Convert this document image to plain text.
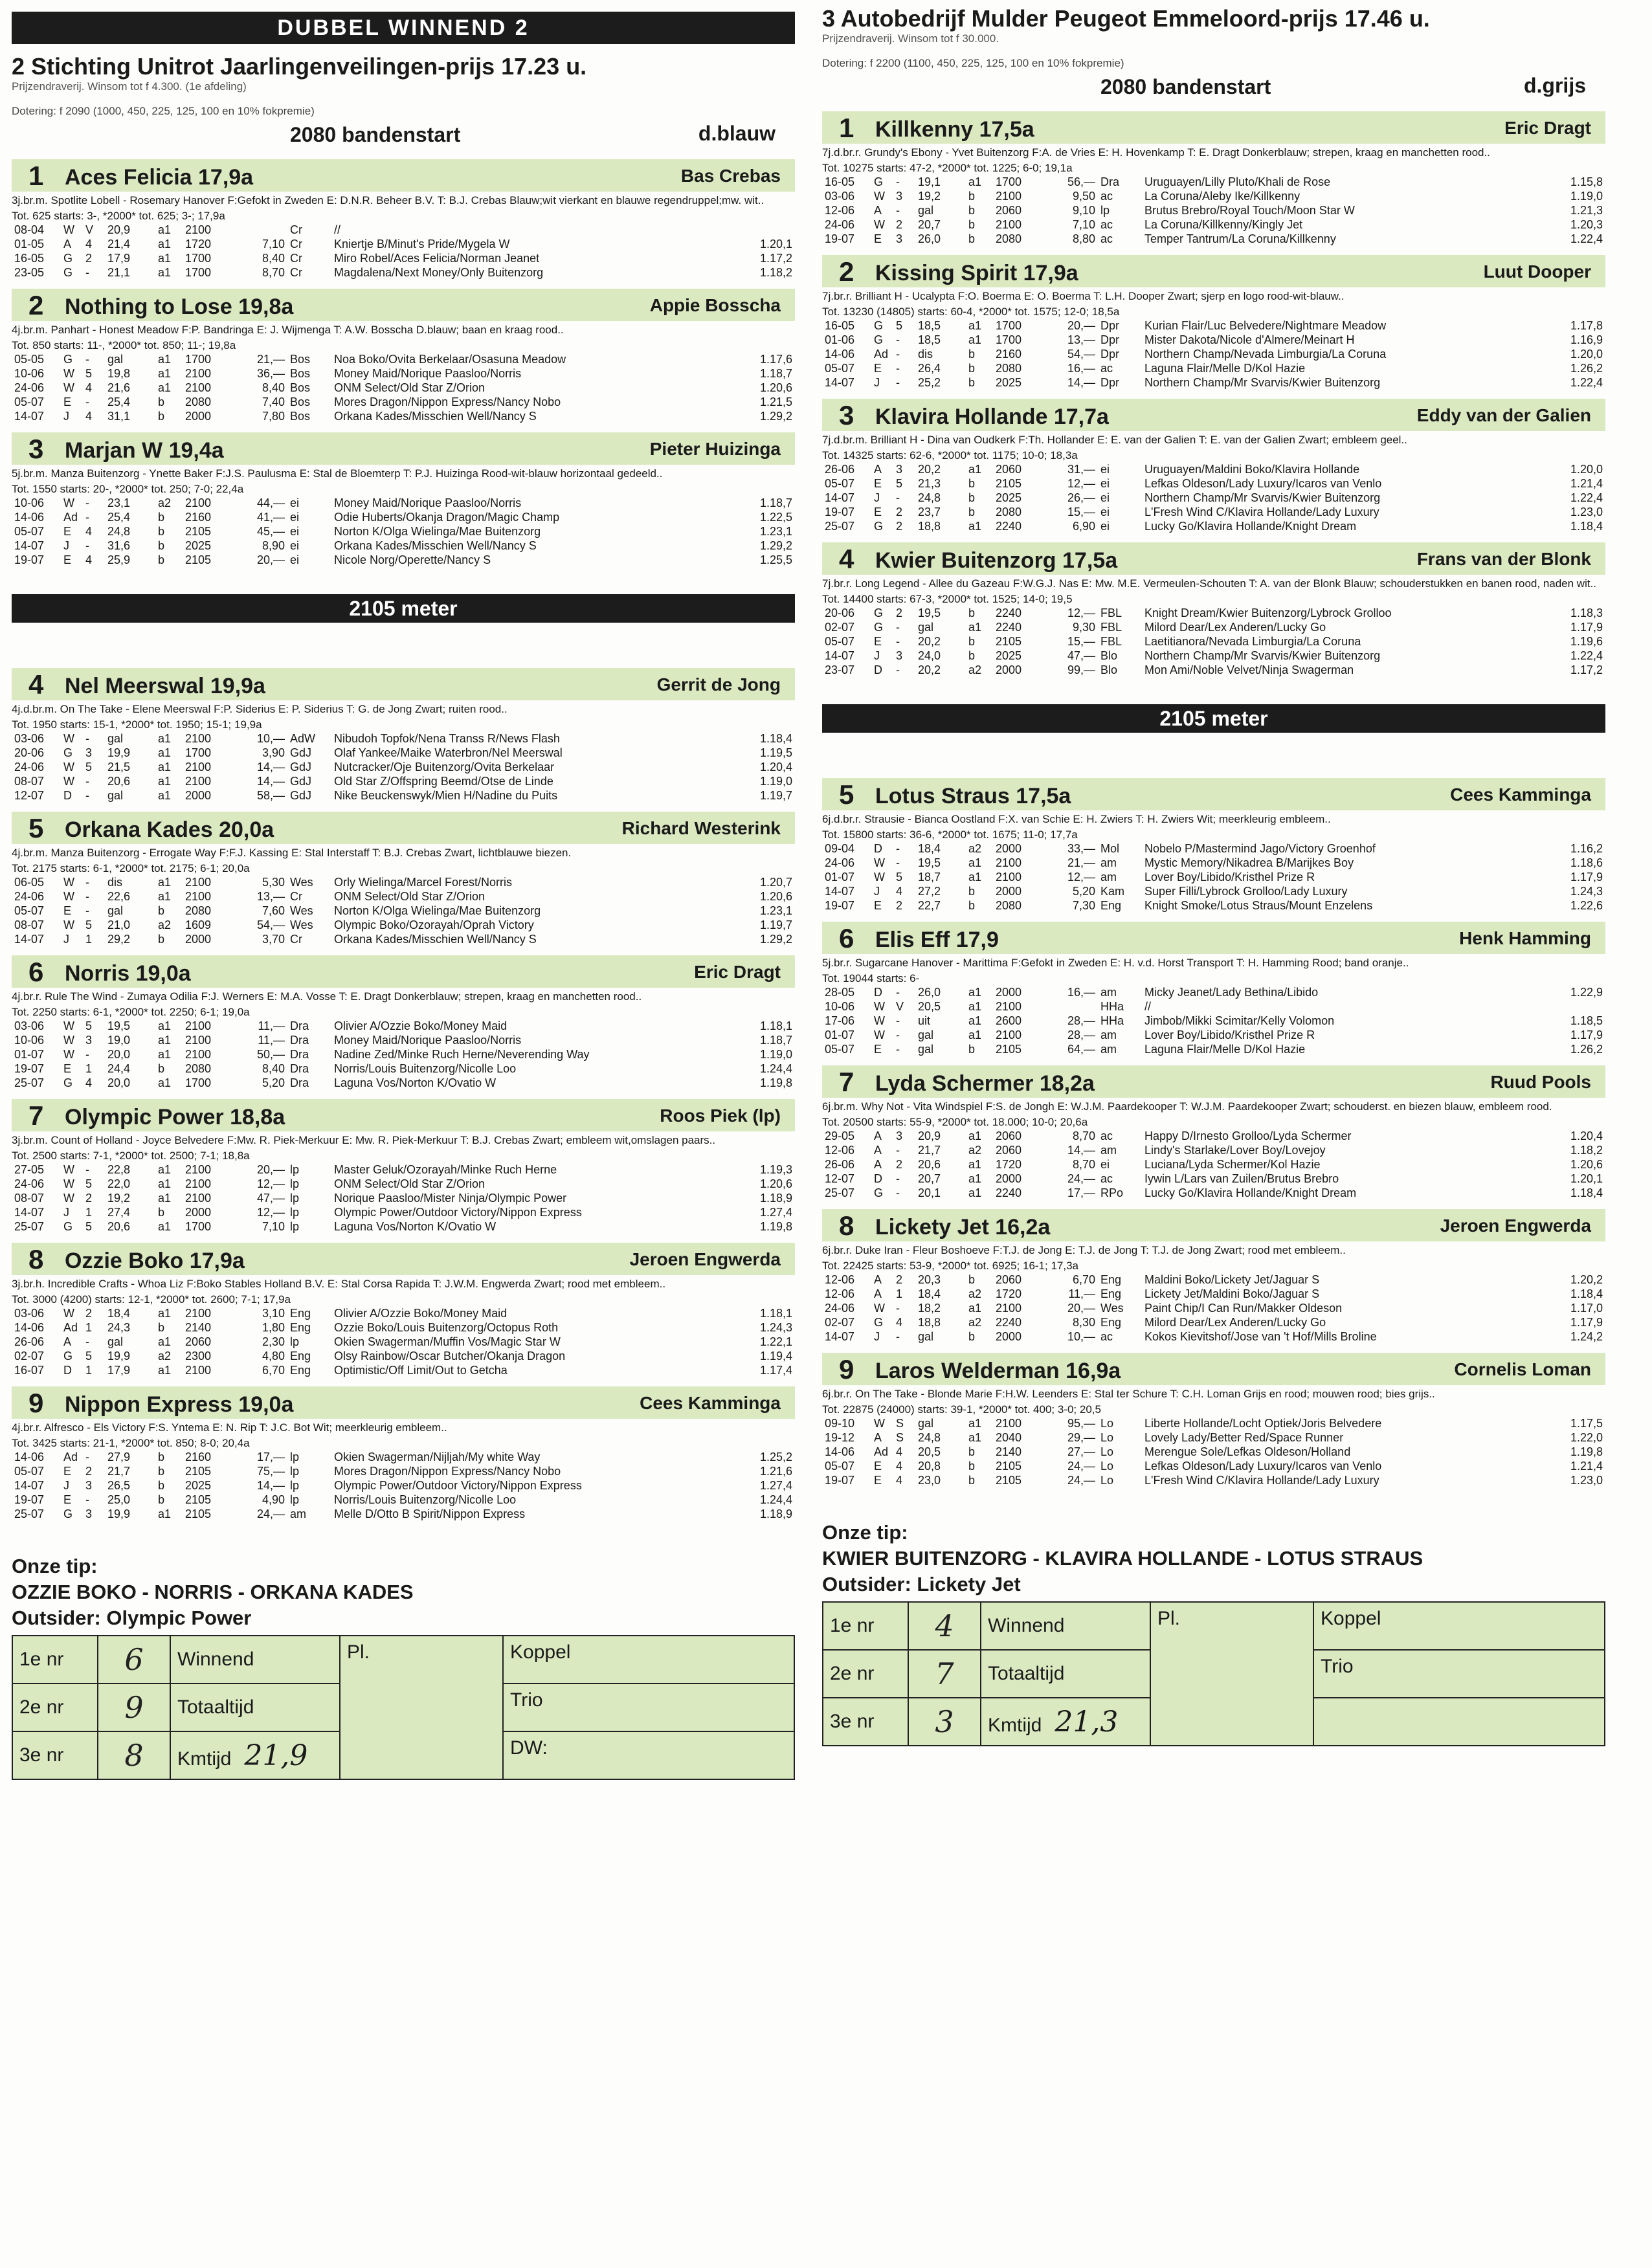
DUBBEL WINNEND 2
2 Stichting Unitrot Jaarlingenveilingen-prijs 17.23 u.
Prijzendraverij. Winsom tot f 4.300. (1e afdeling)
Dotering: f 2090 (1000, 450, 225, 125, 100 en 10% fokpremie)
2080 bandenstart	d.blauw
1 Aces Felicia 17,9a	Bas Crebas
3j.br.m. Spotlite Lobell - Rosemary Hanover F:Gefokt in Zweden E: D.N.R. Beheer B.V. T: B.J. Crebas Blauw;wit vierkant en blauwe regendruppel;mw. wit..
Tot. 625 starts: 3-, *2000* tot. 625; 3-; 17,9a
08-04	W	V	20,9	a1	2100		Cr	//	
01-05	A	4	21,4	a1	1720	7,10	Cr	Kniertje B/Minut's Pride/Mygela W	1.20,1
16-05	G	2	17,9	a1	1700	8,40	Cr	Miro Robel/Aces Felicia/Norman Jeanet	1.17,2
23-05	G	-	21,1	a1	1700	8,70	Cr	Magdalena/Next Money/Only Buitenzorg	1.18,2
2 Nothing to Lose 19,8a	Appie Bosscha
4j.br.m. Panhart - Honest Meadow F:P. Bandringa E: J. Wijmenga T: A.W. Bosscha D.blauw; baan en kraag rood..
Tot. 850 starts: 11-, *2000* tot. 850; 11-; 19,8a
05-05	G	-	gal	a1	1700	21,—	Bos	Noa Boko/Ovita Berkelaar/Osasuna Meadow	1.17,6
10-06	W	5	19,8	a1	2100	36,—	Bos	Money Maid/Norique Paasloo/Norris	1.18,7
24-06	W	4	21,6	a1	2100	8,40	Bos	ONM Select/Old Star Z/Orion	1.20,6
05-07	E	-	25,4	b	2080	7,40	Bos	Mores Dragon/Nippon Express/Nancy Nobo	1.21,5
14-07	J	4	31,1	b	2000	7,80	Bos	Orkana Kades/Misschien Well/Nancy S	1.29,2
3 Marjan W 19,4a	Pieter Huizinga
5j.br.m. Manza Buitenzorg - Ynette Baker F:J.S. Paulusma E: Stal de Bloemterp T: P.J. Huizinga Rood-wit-blauw horizontaal gedeeld..
Tot. 1550 starts: 20-, *2000* tot. 250; 7-0; 22,4a
10-06	W	-	23,1	a2	2100	44,—	ei	Money Maid/Norique Paasloo/Norris	1.18,7
14-06	Ad	-	25,4	b	2160	41,—	ei	Odie Huberts/Okanja Dragon/Magic Champ	1.22,5
05-07	E	4	24,8	b	2105	45,—	ei	Norton K/Olga Wielinga/Mae Buitenzorg	1.23,1
14-07	J	-	31,6	b	2025	8,90	ei	Orkana Kades/Misschien Well/Nancy S	1.29,2
19-07	E	4	25,9	b	2105	20,—	ei	Nicole Norg/Operette/Nancy S	1.25,5
2105 meter
4 Nel Meerswal 19,9a	Gerrit de Jong
4j.d.br.m. On The Take - Elene Meerswal F:P. Siderius E: P. Siderius T: G. de Jong Zwart; ruiten rood..
Tot. 1950 starts: 15-1, *2000* tot. 1950; 15-1; 19,9a
03-06	W	-	gal	a1	2100	10,—	AdW	Nibudoh Topfok/Nena Transs R/News Flash	1.18,4
20-06	G	3	19,9	a1	1700	3,90	GdJ	Olaf Yankee/Maike Waterbron/Nel Meerswal	1.19,5
24-06	W	5	21,5	a1	2100	14,—	GdJ	Nutcracker/Oje Buitenzorg/Ovita Berkelaar	1.20,4
08-07	W	-	20,6	a1	2100	14,—	GdJ	Old Star Z/Offspring Beemd/Otse de Linde	1.19,0
12-07	D	-	gal	a1	2000	58,—	GdJ	Nike Beuckenswyk/Mien H/Nadine du Puits	1.19,7
5 Orkana Kades 20,0a	Richard Westerink
4j.br.m. Manza Buitenzorg - Errogate Way F:F.J. Kassing E: Stal Interstaff T: B.J. Crebas Zwart, lichtblauwe biezen.
Tot. 2175 starts: 6-1, *2000* tot. 2175; 6-1; 20,0a
06-05	W	-	dis	a1	2100	5,30	Wes	Orly Wielinga/Marcel Forest/Norris	1.20,7
24-06	W	-	22,6	a1	2100	13,—	Cr	ONM Select/Old Star Z/Orion	1.20,6
05-07	E	-	gal	b	2080	7,60	Wes	Norton K/Olga Wielinga/Mae Buitenzorg	1.23,1
08-07	W	5	21,0	a2	1609	54,—	Wes	Olympic Boko/Ozorayah/Oprah Victory	1.19,7
14-07	J	1	29,2	b	2000	3,70	Cr	Orkana Kades/Misschien Well/Nancy S	1.29,2
6 Norris 19,0a	Eric Dragt
4j.br.r. Rule The Wind - Zumaya Odilia F:J. Werners E: M.A. Vosse T: E. Dragt Donkerblauw; strepen, kraag en manchetten rood..
Tot. 2250 starts: 6-1, *2000* tot. 2250; 6-1; 19,0a
03-06	W	5	19,5	a1	2100	11,—	Dra	Olivier A/Ozzie Boko/Money Maid	1.18,1
10-06	W	3	19,0	a1	2100	11,—	Dra	Money Maid/Norique Paasloo/Norris	1.18,7
01-07	W	-	20,0	a1	2100	50,—	Dra	Nadine Zed/Minke Ruch Herne/Neverending Way	1.19,0
19-07	E	1	24,4	b	2080	8,40	Dra	Norris/Louis Buitenzorg/Nicolle Loo	1.24,4
25-07	G	4	20,0	a1	1700	5,20	Dra	Laguna Vos/Norton K/Ovatio W	1.19,8
7 Olympic Power 18,8a	Roos Piek (lp)
3j.br.m. Count of Holland - Joyce Belvedere F:Mw. R. Piek-Merkuur E: Mw. R. Piek-Merkuur T: B.J. Crebas Zwart; embleem wit,omslagen paars..
Tot. 2500 starts: 7-1, *2000* tot. 2500; 7-1; 18,8a
27-05	W	-	22,8	a1	2100	20,—	lp	Master Geluk/Ozorayah/Minke Ruch Herne	1.19,3
24-06	W	5	22,0	a1	2100	12,—	lp	ONM Select/Old Star Z/Orion	1.20,6
08-07	W	2	19,2	a1	2100	47,—	lp	Norique Paasloo/Mister Ninja/Olympic Power	1.18,9
14-07	J	1	27,4	b	2000	12,—	lp	Olympic Power/Outdoor Victory/Nippon Express	1.27,4
25-07	G	5	20,6	a1	1700	7,10	lp	Laguna Vos/Norton K/Ovatio W	1.19,8
8 Ozzie Boko 17,9a	Jeroen Engwerda
3j.br.h. Incredible Crafts - Whoa Liz F:Boko Stables Holland B.V. E: Stal Corsa Rapida T: J.W.M. Engwerda Zwart; rood met embleem..
Tot. 3000 (4200) starts: 12-1, *2000* tot. 2600; 7-1; 17,9a
03-06	W	2	18,4	a1	2100	3,10	Eng	Olivier A/Ozzie Boko/Money Maid	1.18,1
14-06	Ad	1	24,3	b	2140	1,80	Eng	Ozzie Boko/Louis Buitenzorg/Octopus Roth	1.24,3
26-06	A	-	gal	a1	2060	2,30	lp	Okien Swagerman/Muffin Vos/Magic Star W	1.22,1
02-07	G	5	19,9	a2	2300	4,80	Eng	Olsy Rainbow/Oscar Butcher/Okanja Dragon	1.19,4
16-07	D	1	17,9	a1	2100	6,70	Eng	Optimistic/Off Limit/Out to Getcha	1.17,4
9 Nippon Express 19,0a	Cees Kamminga
4j.br.r. Alfresco - Els Victory F:S. Yntema E: N. Rip T: J.C. Bot Wit; meerkleurig embleem..
Tot. 3425 starts: 21-1, *2000* tot. 850; 8-0; 20,4a
14-06	Ad	-	27,9	b	2160	17,—	lp	Okien Swagerman/Nijljah/My white Way	1.25,2
05-07	E	2	21,7	b	2105	75,—	lp	Mores Dragon/Nippon Express/Nancy Nobo	1.21,6
14-07	J	3	26,5	b	2025	14,—	lp	Olympic Power/Outdoor Victory/Nippon Express	1.27,4
19-07	E	-	25,0	b	2105	4,90	lp	Norris/Louis Buitenzorg/Nicolle Loo	1.24,4
25-07	G	3	19,9	a1	2105	24,—	am	Melle D/Otto B Spirit/Nippon Express	1.18,9
Onze tip:
OZZIE BOKO - NORRIS - ORKANA KADES
Outsider: Olympic Power
1e nr	6	Winnend	Pl.	Koppel
2e nr	9	Totaaltijd		Trio
3e nr	8	Kmtijd 21,9		DW:
3 Autobedrijf Mulder Peugeot Emmeloord-prijs 17.46 u.
Prijzendraverij. Winsom tot f 30.000.
Dotering: f 2200 (1100, 450, 225, 125, 100 en 10% fokpremie)
2080 bandenstart	d.grijs
1 Killkenny 17,5a	Eric Dragt
7j.d.br.r. Grundy's Ebony - Yvet Buitenzorg F:A. de Vries E: H. Hovenkamp T: E. Dragt Donkerblauw; strepen, kraag en manchetten rood..
Tot. 10275 starts: 47-2, *2000* tot. 1225; 6-0; 19,1a
16-05	G	-	19,1	a1	1700	56,—	Dra	Uruguayen/Lilly Pluto/Khali de Rose	1.15,8
03-06	W	3	19,2	b	2100	9,50	ac	La Coruna/Aleby Ike/Killkenny	1.19,0
12-06	A	-	gal	b	2060	9,10	lp	Brutus Brebro/Royal Touch/Moon Star W	1.21,3
24-06	W	2	20,7	b	2100	7,10	ac	La Coruna/Killkenny/Kingly Jet	1.20,3
19-07	E	3	26,0	b	2080	8,80	ac	Temper Tantrum/La Coruna/Killkenny	1.22,4
2 Kissing Spirit 17,9a	Luut Dooper
7j.br.r. Brilliant H - Ucalypta F:O. Boerma E: O. Boerma T: L.H. Dooper Zwart; sjerp en logo rood-wit-blauw..
Tot. 13230 (14805) starts: 60-4, *2000* tot. 1575; 12-0; 18,5a
16-05	G	5	18,5	a1	1700	20,—	Dpr	Kurian Flair/Luc Belvedere/Nightmare Meadow	1.17,8
01-06	G	-	18,5	a1	1700	13,—	Dpr	Mister Dakota/Nicole d'Almere/Meinart H	1.16,9
14-06	Ad	-	dis	b	2160	54,—	Dpr	Northern Champ/Nevada Limburgia/La Coruna	1.20,0
05-07	E	-	26,4	b	2080	16,—	ac	Laguna Flair/Melle D/Kol Hazie	1.26,2
14-07	J	-	25,2	b	2025	14,—	Dpr	Northern Champ/Mr Svarvis/Kwier Buitenzorg	1.22,4
3 Klavira Hollande 17,7a	Eddy van der Galien
7j.d.br.m. Brilliant H - Dina van Oudkerk F:Th. Hollander E: E. van der Galien T: E. van der Galien Zwart; embleem geel..
Tot. 14325 starts: 62-6, *2000* tot. 1175; 10-0; 18,3a
26-06	A	3	20,2	a1	2060	31,—	ei	Uruguayen/Maldini Boko/Klavira Hollande	1.20,0
05-07	E	5	21,3	b	2105	12,—	ei	Lefkas Oldeson/Lady Luxury/Icaros van Venlo	1.21,4
14-07	J	-	24,8	b	2025	26,—	ei	Northern Champ/Mr Svarvis/Kwier Buitenzorg	1.22,4
19-07	E	2	23,7	b	2080	15,—	ei	L'Fresh Wind C/Klavira Hollande/Lady Luxury	1.23,0
25-07	G	2	18,8	a1	2240	6,90	ei	Lucky Go/Klavira Hollande/Knight Dream	1.18,4
4 Kwier Buitenzorg 17,5a	Frans van der Blonk
7j.br.r. Long Legend - Allee du Gazeau F:W.G.J. Nas E: Mw. M.E. Vermeulen-Schouten T: A. van der Blonk Blauw; schouderstukken en banen rood, naden wit..
Tot. 14400 starts: 67-3, *2000* tot. 1525; 14-0; 19,5
20-06	G	2	19,5	b	2240	12,—	FBL	Knight Dream/Kwier Buitenzorg/Lybrock Grolloo	1.18,3
02-07	G	-	gal	a1	2240	9,30	FBL	Milord Dear/Lex Anderen/Lucky Go	1.17,9
05-07	E	-	20,2	b	2105	15,—	FBL	Laetitianora/Nevada Limburgia/La Coruna	1.19,6
14-07	J	3	24,0	b	2025	47,—	Blo	Northern Champ/Mr Svarvis/Kwier Buitenzorg	1.22,4
23-07	D	-	20,2	a2	2000	99,—	Blo	Mon Ami/Noble Velvet/Ninja Swagerman	1.17,2
2105 meter
5 Lotus Straus 17,5a	Cees Kamminga
6j.d.br.r. Strausie - Bianca Oostland F:X. van Schie E: H. Zwiers T: H. Zwiers Wit; meerkleurig embleem..
Tot. 15800 starts: 36-6, *2000* tot. 1675; 11-0; 17,7a
09-04	D	-	18,4	a2	2000	33,—	Mol	Nobelo P/Mastermind Jago/Victory Groenhof	1.16,2
24-06	W	-	19,5	a1	2100	21,—	am	Mystic Memory/Nikadrea B/Marijkes Boy	1.18,6
01-07	W	5	18,7	a1	2100	12,—	am	Lover Boy/Libido/Kristhel Prize R	1.17,9
14-07	J	4	27,2	b	2000	5,20	Kam	Super Filli/Lybrock Grolloo/Lady Luxury	1.24,3
19-07	E	2	22,7	b	2080	7,30	Eng	Knight Smoke/Lotus Straus/Mount Enzelens	1.22,6
6 Elis Eff 17,9	Henk Hamming
5j.br.r. Sugarcane Hanover - Marittima F:Gefokt in Zweden E: H. v.d. Horst Transport T: H. Hamming Rood; band oranje..
Tot. 19044 starts: 6-
28-05	D	-	26,0	a1	2000	16,—	am	Micky Jeanet/Lady Bethina/Libido	1.22,9
10-06	W	V	20,5	a1	2100		HHa	//	
17-06	W	-	uit	a1	2600	28,—	HHa	Jimbob/Mikki Scimitar/Kelly Volomon	1.18,5
01-07	W	-	gal	a1	2100	28,—	am	Lover Boy/Libido/Kristhel Prize R	1.17,9
05-07	E	-	gal	b	2105	64,—	am	Laguna Flair/Melle D/Kol Hazie	1.26,2
7 Lyda Schermer 18,2a	Ruud Pools
6j.br.m. Why Not - Vita Windspiel F:S. de Jongh E: W.J.M. Paardekooper T: W.J.M. Paardekooper Zwart; schouderst. en biezen blauw, embleem rood.
Tot. 20500 starts: 55-9, *2000* tot. 18.000; 10-0; 20,6a
29-05	A	3	20,9	a1	2060	8,70	ac	Happy D/Irnesto Grolloo/Lyda Schermer	1.20,4
12-06	A	-	21,7	a2	2060	14,—	am	Lindy's Starlake/Lover Boy/Lovejoy	1.18,2
26-06	A	2	20,6	a1	1720	8,70	ei	Luciana/Lyda Schermer/Kol Hazie	1.20,6
12-07	D	-	20,7	a1	2000	24,—	ac	Iywin L/Lars van Zuilen/Brutus Brebro	1.20,1
25-07	G	-	20,1	a1	2240	17,—	RPo	Lucky Go/Klavira Hollande/Knight Dream	1.18,4
8 Lickety Jet 16,2a	Jeroen Engwerda
6j.br.r. Duke Iran - Fleur Boshoeve F:T.J. de Jong E: T.J. de Jong T: T.J. de Jong Zwart; rood met embleem..
Tot. 22425 starts: 53-9, *2000* tot. 6925; 16-1; 17,3a
12-06	A	2	20,3	b	2060	6,70	Eng	Maldini Boko/Lickety Jet/Jaguar S	1.20,2
12-06	A	1	18,4	a2	1720	11,—	Eng	Lickety Jet/Maldini Boko/Jaguar S	1.18,4
24-06	W	-	18,2	a1	2100	20,—	Wes	Paint Chip/I Can Run/Makker Oldeson	1.17,0
02-07	G	4	18,8	a2	2240	8,30	Eng	Milord Dear/Lex Anderen/Lucky Go	1.17,9
14-07	J	-	gal	b	2000	10,—	ac	Kokos Kievitshof/Jose van 't Hof/Mills Broline	1.24,2
9 Laros Welderman 16,9a	Cornelis Loman
6j.br.r. On The Take - Blonde Marie F:H.W. Leenders E: Stal ter Schure T: C.H. Loman Grijs en rood; mouwen rood; bies grijs..
Tot. 22875 (24000) starts: 39-1, *2000* tot. 400; 3-0; 20,5
09-10	W	S	gal	a1	2100	95,—	Lo	Liberte Hollande/Locht Optiek/Joris Belvedere	1.17,5
19-12	A	S	24,8	a1	2040	29,—	Lo	Lovely Lady/Better Red/Space Runner	1.22,0
14-06	Ad	4	20,5	b	2140	27,—	Lo	Merengue Sole/Lefkas Oldeson/Holland	1.19,8
05-07	E	4	20,8	b	2105	24,—	Lo	Lefkas Oldeson/Lady Luxury/Icaros van Venlo	1.21,4
19-07	E	4	23,0	b	2105	24,—	Lo	L'Fresh Wind C/Klavira Hollande/Lady Luxury	1.23,0
Onze tip:
KWIER BUITENZORG - KLAVIRA HOLLANDE - LOTUS STRAUS
Outsider: Lickety Jet
1e nr	4	Winnend	Pl.	Koppel
2e nr	7	Totaaltijd		Trio
3e nr	3	Kmtijd 21,3		
